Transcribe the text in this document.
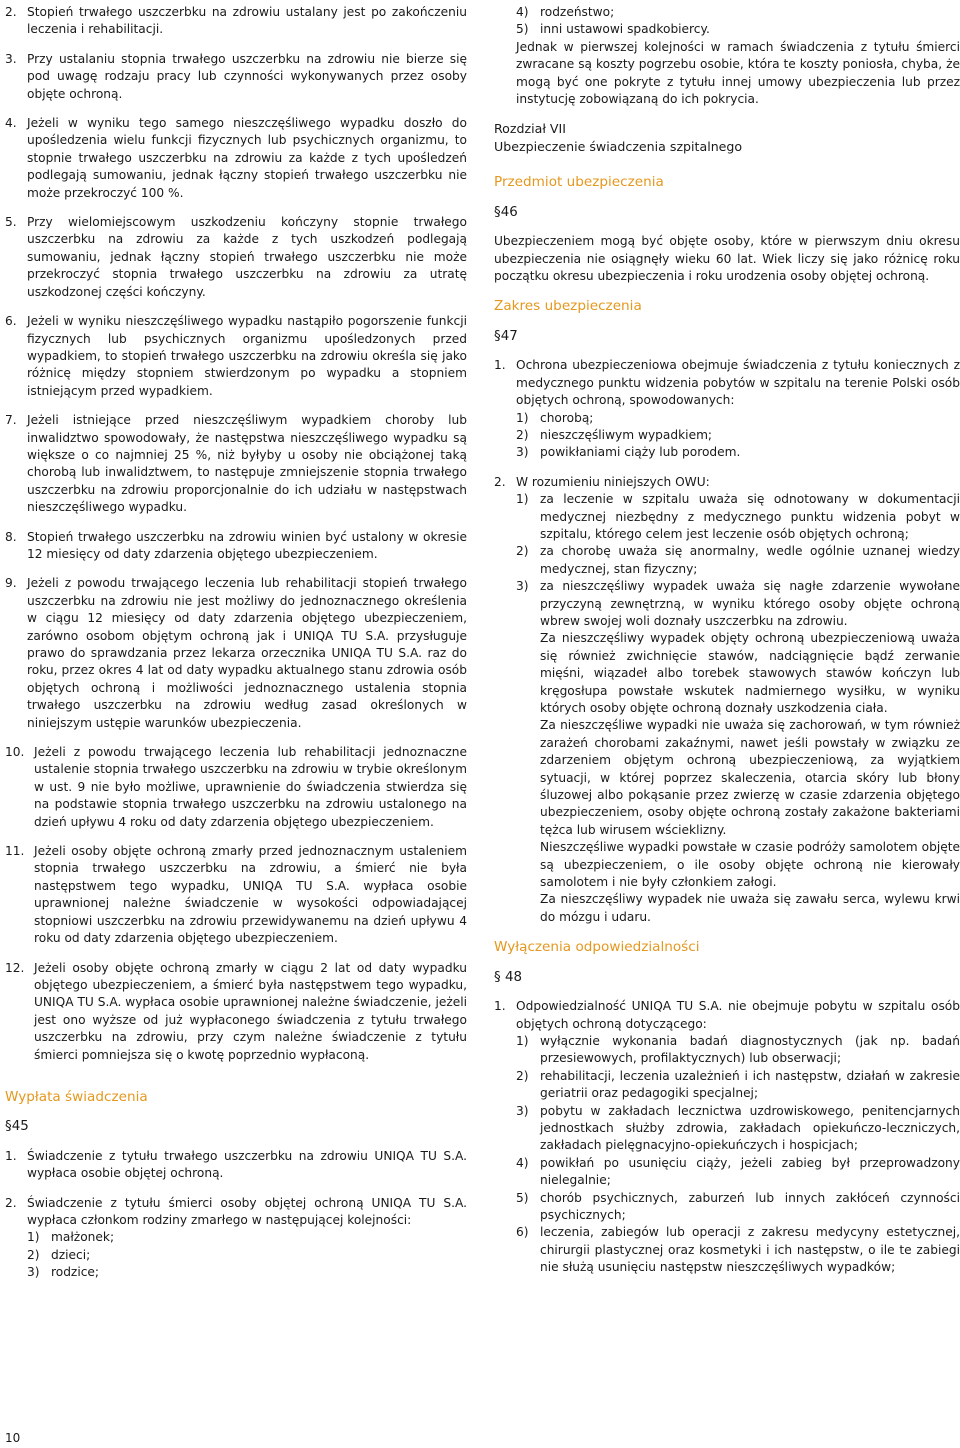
2. Stopień trwałego uszczerbku na zdrowiu ustalany jest po zakończeniu leczenia i rehabilitacji.
3. Przy ustalaniu stopnia trwałego uszczerbku na zdrowiu nie bierze się pod uwagę rodzaju pracy lub czynności wykonywanych przez osoby objęte ochroną.
4. Jeżeli w wyniku tego samego nieszczęśliwego wypadku doszło do upośledzenia wielu funkcji fizycznych lub psychicznych organizmu, to stopnie trwałego uszczerbku na zdrowiu za każde z tych upośledzeń podlegają sumowaniu, jednak łączny stopień trwałego uszczerbku nie może przekroczyć 100 %.
5. Przy wielomiejscowym uszkodzeniu kończyny stopnie trwałego uszczerbku na zdrowiu za każde z tych uszkodzeń podlegają sumowaniu, jednak łączny stopień trwałego uszczerbku nie może przekroczyć stopnia trwałego uszczerbku na zdrowiu za utratę uszkodzonej części kończyny.
6. Jeżeli w wyniku nieszczęśliwego wypadku nastąpiło pogorszenie funkcji fizycznych lub psychicznych organizmu upośledzonych przed wypadkiem, to stopień trwałego uszczerbku na zdrowiu określa się jako różnicę między stopniem stwierdzonym po wypadku a stopniem istniejącym przed wypadkiem.
7. Jeżeli istniejące przed nieszczęśliwym wypadkiem choroby lub inwalidztwo spowodowały, że następstwa nieszczęśliwego wypadku są większe o co najmniej 25 %, niż byłyby u osoby nie obciążonej taką chorobą lub inwalidztwem, to następuje zmniejszenie stopnia trwałego uszczerbku na zdrowiu proporcjonalnie do ich udziału w następstwach nieszczęśliwego wypadku.
8. Stopień trwałego uszczerbku na zdrowiu winien być ustalony w okresie 12 miesięcy od daty zdarzenia objętego ubezpieczeniem.
9. Jeżeli z powodu trwającego leczenia lub rehabilitacji stopień trwałego uszczerbku na zdrowiu nie jest możliwy do jednoznacznego określenia w ciągu 12 miesięcy od daty zdarzenia objętego ubezpieczeniem, zarówno osobom objętym ochroną jak i UNIQA TU S.A. przysługuje prawo do sprawdzania przez lekarza orzecznika UNIQA TU S.A. raz do roku, przez okres 4 lat od daty wypadku aktualnego stanu zdrowia osób objętych ochroną i możliwości jednoznacznego ustalenia stopnia trwałego uszczerbku na zdrowiu według zasad określonych w niniejszym ustępie warunków ubezpieczenia.
10. Jeżeli z powodu trwającego leczenia lub rehabilitacji jednoznaczne ustalenie stopnia trwałego uszczerbku na zdrowiu w trybie określonym w ust. 9 nie było możliwe, uprawnienie do świadczenia stwierdza się na podstawie stopnia trwałego uszczerbku na zdrowiu ustalonego na dzień upływu 4 roku od daty zdarzenia objętego ubezpieczeniem.
11. Jeżeli osoby objęte ochroną zmarły przed jednoznacznym ustaleniem stopnia trwałego uszczerbku na zdrowiu, a śmierć nie była następstwem tego wypadku, UNIQA TU S.A. wypłaca osobie uprawnionej należne świadczenie w wysokości odpowiadającej stopniowi uszczerbku na zdrowiu przewidywanemu na dzień upływu 4 roku od daty zdarzenia objętego ubezpieczeniem.
12. Jeżeli osoby objęte ochroną zmarły w ciągu 2 lat od daty wypadku objętego ubezpieczeniem, a śmierć była następstwem tego wypadku, UNIQA TU S.A. wypłaca osobie uprawnionej należne świadczenie, jeżeli jest ono wyższe od już wypłaconego świadczenia z tytułu trwałego uszczerbku na zdrowiu, przy czym należne świadczenie z tytułu śmierci pomniejsza się o kwotę poprzednio wypłaconą.
Wypłata świadczenia
§45
1. Świadczenie z tytułu trwałego uszczerbku na zdrowiu UNIQA TU S.A. wypłaca osobie objętej ochroną.
2. Świadczenie z tytułu śmierci osoby objętej ochroną UNIQA TU S.A. wypłaca członkom rodziny zmarłego w następującej kolejności:
1) małżonek;
2) dzieci;
3) rodzice;
4) rodzeństwo;
5) inni ustawowi spadkobiercy.
Jednak w pierwszej kolejności w ramach świadczenia z tytułu śmierci zwracane są koszty pogrzebu osobie, która te koszty poniosła, chyba, że mogą być one pokryte z tytułu innej umowy ubezpieczenia lub przez instytucję zobowiązaną do ich pokrycia.
Rozdział VII
Ubezpieczenie świadczenia szpitalnego
Przedmiot ubezpieczenia
§46
Ubezpieczeniem mogą być objęte osoby, które w pierwszym dniu okresu ubezpieczenia nie osiągnęły wieku 60 lat. Wiek liczy się jako różnicę roku początku okresu ubezpieczenia i roku urodzenia osoby objętej ochroną.
Zakres ubezpieczenia
§47
1. Ochrona ubezpieczeniowa obejmuje świadczenia z tytułu koniecznych z medycznego punktu widzenia pobytów w szpitalu na terenie Polski osób objętych ochroną, spowodowanych:
1) chorobą;
2) nieszczęśliwym wypadkiem;
3) powikłaniami ciąży lub porodem.
2. W rozumieniu niniejszych OWU:
1) za leczenie w szpitalu uważa się odnotowany w dokumentacji medycznej niezbędny z medycznego punktu widzenia pobyt w szpitalu, którego celem jest leczenie osób objętych ochroną;
2) za chorobę uważa się anormalny, wedle ogólnie uznanej wiedzy medycznej, stan fizyczny;
3) za nieszczęśliwy wypadek uważa się nagłe zdarzenie wywołane przyczyną zewnętrzną, w wyniku którego osoby objęte ochroną wbrew swojej woli doznały uszczerbku na zdrowiu.
Za nieszczęśliwy wypadek objęty ochroną ubezpieczeniową uważa się również zwichnięcie stawów, nadciągnięcie bądź zerwanie mięśni, wiązadeł albo torebek stawowych stawów kończyn lub kręgosłupa powstałe wskutek nadmiernego wysiłku, w wyniku których osoby objęte ochroną doznały uszkodzenia ciała.
Za nieszczęśliwe wypadki nie uważa się zachorowań, w tym również zarażeń chorobami zakaźnymi, nawet jeśli powstały w związku ze zdarzeniem objętym ochroną ubezpieczeniową, za wyjątkiem sytuacji, w której poprzez skaleczenia, otarcia skóry lub błony śluzowej albo pokąsanie przez zwierzę w czasie zdarzenia objętego ubezpieczeniem, osoby objęte ochroną zostały zakażone bakteriami tężca lub wirusem wścieklizny.
Nieszczęśliwe wypadki powstałe w czasie podróży samolotem objęte są ubezpieczeniem, o ile osoby objęte ochroną nie kierowały samolotem i nie były członkiem załogi.
Za nieszczęśliwy wypadek nie uważa się zawału serca, wylewu krwi do mózgu i udaru.
Wyłączenia odpowiedzialności
§ 48
1. Odpowiedzialność UNIQA TU S.A. nie obejmuje pobytu w szpitalu osób objętych ochroną dotyczącego:
1) wyłącznie wykonania badań diagnostycznych (jak np. badań przesiewowych, profilaktycznych) lub obserwacji;
2) rehabilitacji, leczenia uzależnień i ich następstw, działań w zakresie geriatrii oraz pedagogiki specjalnej;
3) pobytu w zakładach lecznictwa uzdrowiskowego, penitencjarnych jednostkach służby zdrowia, zakładach opiekuńczo-leczniczych, zakładach pielęgnacyjno-opiekuńczych i hospicjach;
4) powikłań po usunięciu ciąży, jeżeli zabieg był przeprowadzony nielegalnie;
5) chorób psychicznych, zaburzeń lub innych zakłóceń czynności psychicznych;
6) leczenia, zabiegów lub operacji z zakresu medycyny estetycznej, chirurgii plastycznej oraz kosmetyki i ich następstw, o ile te zabiegi nie służą usunięciu następstw nieszczęśliwych wypadków;
10
